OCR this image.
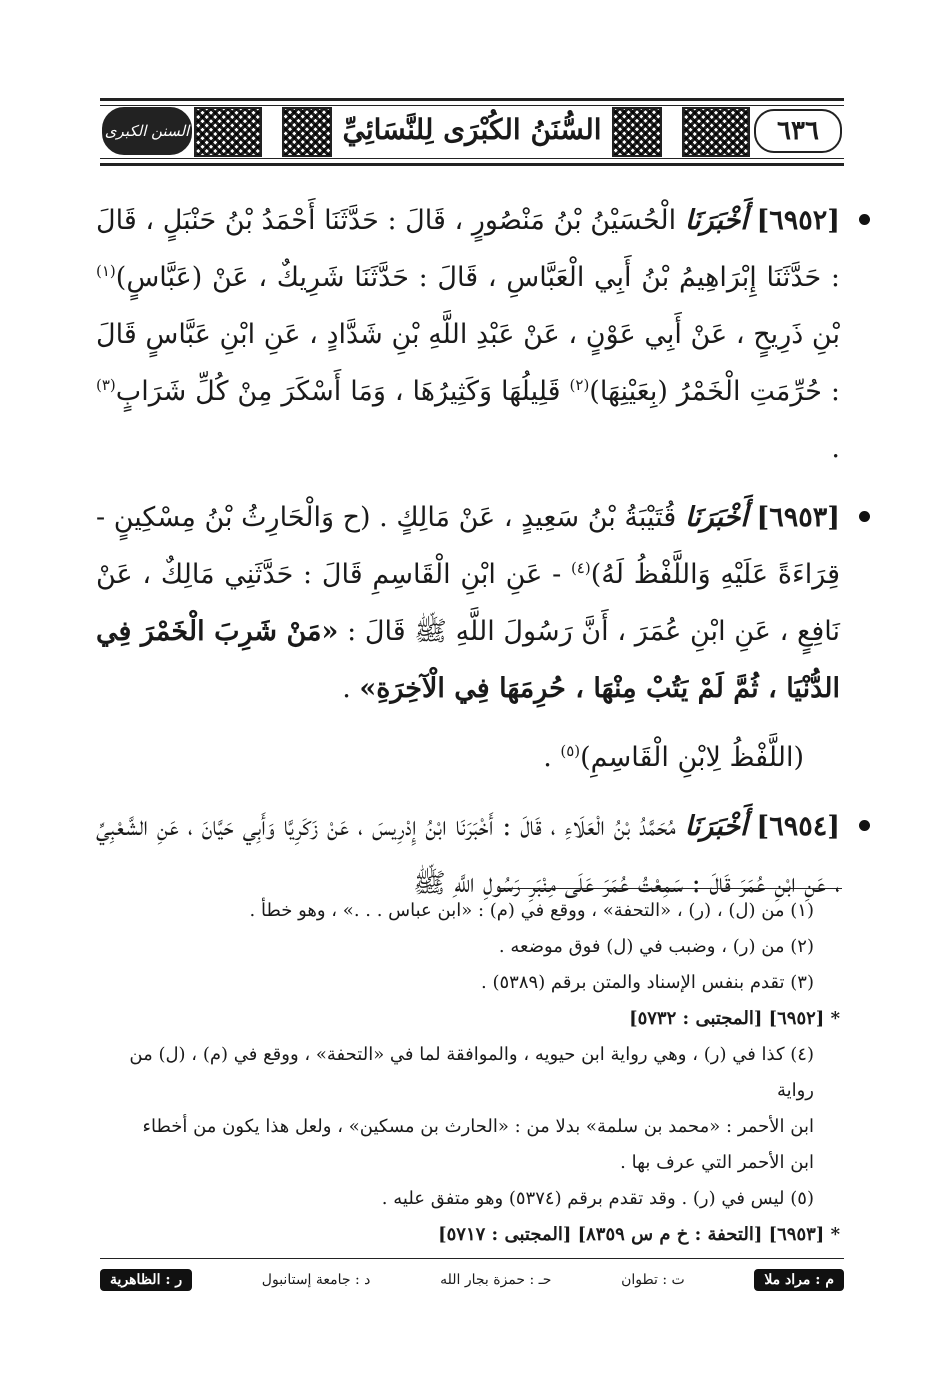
السنن الكبرى	السُّنَنُ الكُبْرَى لِلنَّسَائِيِّ	٦٣٦

[٦٩٥٢] أَخْبَرَنَا الْحُسَيْنُ بْنُ مَنْصُورٍ ، قَالَ : حَدَّثَنَا أَحْمَدُ بْنُ حَنْبَلٍ ، قَالَ : حَدَّثَنَا إِبْرَاهِيمُ بْنُ أَبِي الْعَبَّاسِ ، قَالَ : حَدَّثَنَا شَرِيكٌ ، عَنْ (عَبَّاسٍ)$^{(١)}$ بْنِ ذَرِيحٍ ، عَنْ أَبِي عَوْنٍ ، عَنْ عَبْدِ اللَّهِ بْنِ شَدَّادٍ ، عَنِ ابْنِ عَبَّاسٍ قَالَ : حُرِّمَتِ الْخَمْرُ (بِعَيْنِهَا)$^{(٢)}$ قَلِيلُهَا وَكَثِيرُهَا ، وَمَا أَسْكَرَ مِنْ كُلِّ شَرَابٍ$^{(٣)}$ .

[٦٩٥٣] أَخْبَرَنَا قُتَيْبَةُ بْنُ سَعِيدٍ ، عَنْ مَالِكٍ . (ح وَالْحَارِثُ بْنُ مِسْكِينٍ - قِرَاءَةً عَلَيْهِ وَاللَّفْظُ لَهُ)$^{(٤)}$ - عَنِ ابْنِ الْقَاسِمِ قَالَ : حَدَّثَنِي مَالِكٌ ، عَنْ نَافِعٍ ، عَنِ ابْنِ عُمَرَ ، أَنَّ رَسُولَ اللَّهِ ﷺ قَالَ : «مَنْ شَرِبَ الْخَمْرَ فِي الدُّنْيَا ، ثُمَّ لَمْ يَتُبْ مِنْهَا ، حُرِمَهَا فِي الْآخِرَةِ» .

(اللَّفْظُ لِابْنِ الْقَاسِمِ)$^{(٥)}$ .

[٦٩٥٤] أَخْبَرَنَا مُحَمَّدُ بْنُ الْعَلَاءِ ، قَالَ : أَخْبَرَنَا ابْنُ إِدْرِيسَ ، عَنْ زَكَرِيَّا وَأَبِي حَيَّانَ ، عَنِ الشَّعْبِيِّ ، عَنِ ابْنِ عُمَرَ قَالَ : سَمِعْتُ عُمَرَ عَلَى مِنْبَرِ رَسُولِ اللَّهِ ﷺ

(١) من (ل) ، (ر) ، «التحفة» ، ووقع في (م) : «ابن عباس . . .» ، وهو خطأ .
(٢) من (ر) ، وضبب في (ل) فوق موضعه .
(٣) تقدم بنفس الإسناد والمتن برقم (٥٣٨٩) .
* [٦٩٥٢] [المجتبى : ٥٧٣٢]
(٤) كذا في (ر) ، وهي رواية ابن حيويه ، والموافقة لما في «التحفة» ، ووقع في (م) ، (ل) من رواية
ابن الأحمر : «محمد بن سلمة» بدلا من : «الحارث بن مسكين» ، ولعل هذا يكون من أخطاء
ابن الأحمر التي عرف بها .
(٥) ليس في (ر) . وقد تقدم برقم (٥٣٧٤) وهو متفق عليه .
* [٦٩٥٣] [التحفة : خ م س ٨٣٥٩] [المجتبى : ٥٧١٧]
م : مراد ملا
ت : تطوان
حـ : حمزة بجار الله
د : جامعة إستانبول
ر : الظاهرية
